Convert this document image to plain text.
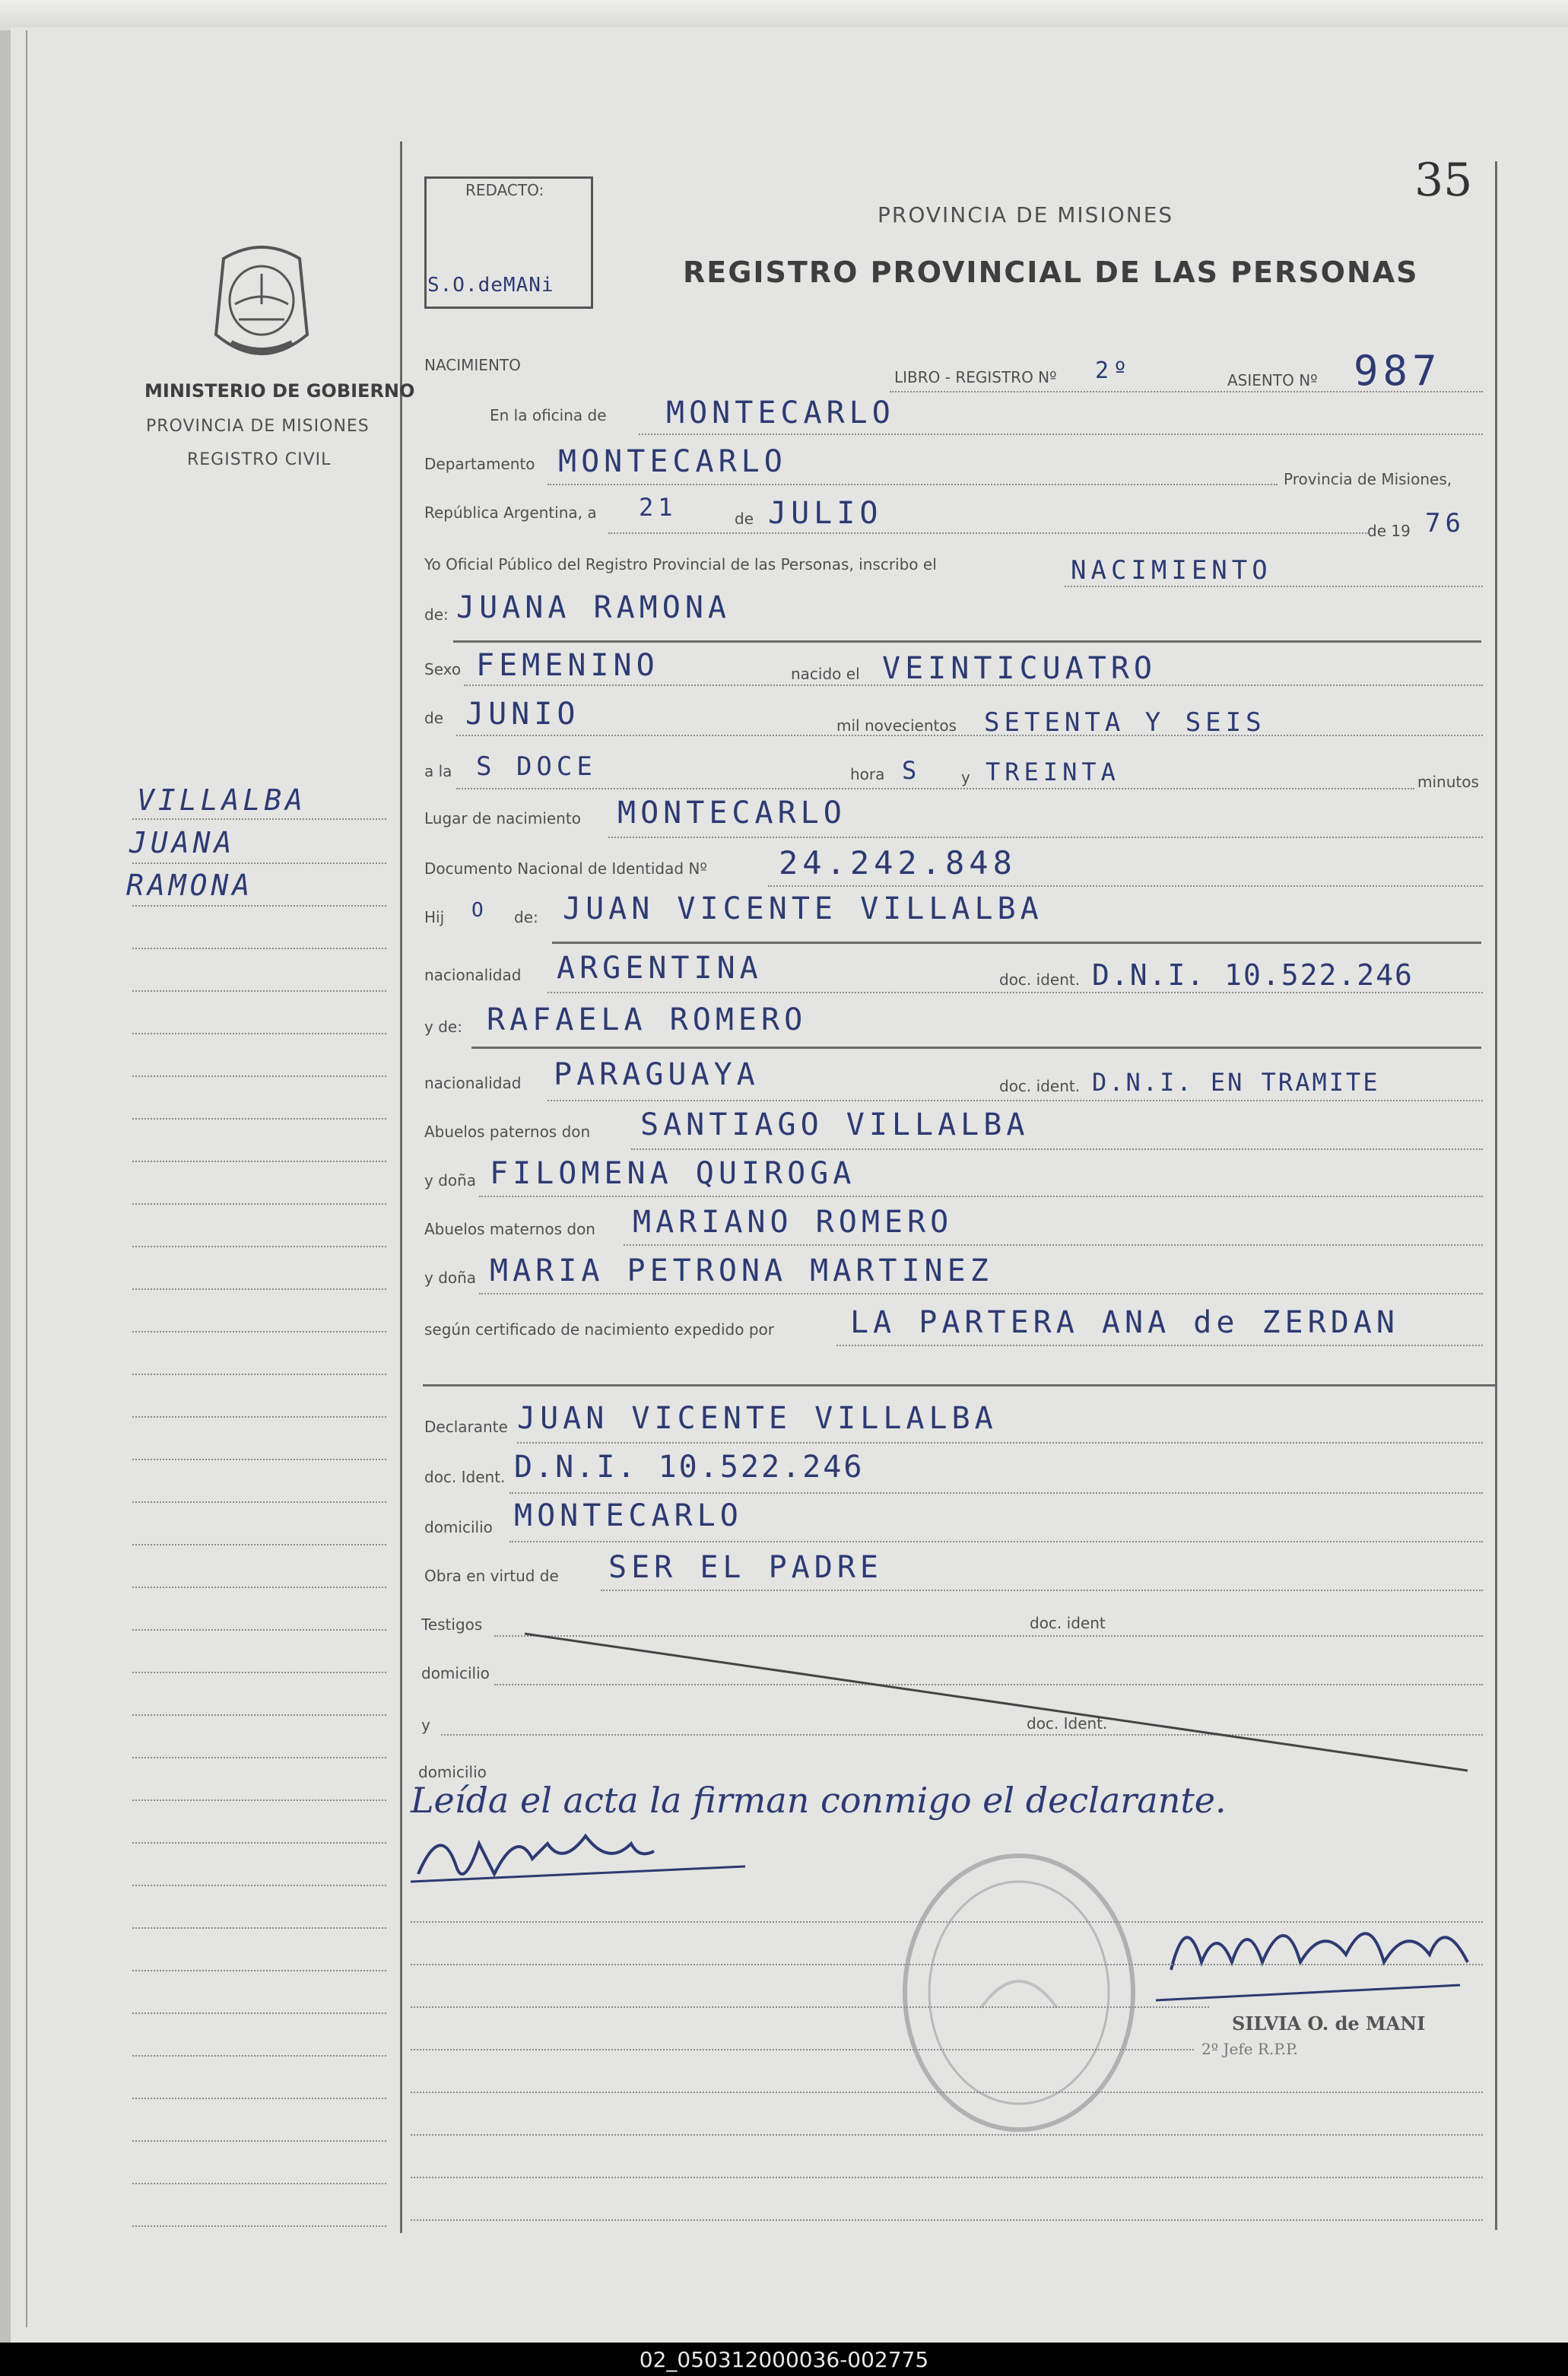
35
REDACTO:
S.O.deMANi
PROVINCIA DE MISIONES
REGISTRO PROVINCIAL DE LAS PERSONAS
MINISTERIO DE GOBIERNO
PROVINCIA DE MISIONES
REGISTRO CIVIL
VILLALBA
JUANA
RAMONA
NACIMIENTO
LIBRO - REGISTRO Nº 2º	ASIENTO Nº 987
En la oficina de MONTECARLO
Departamento MONTECARLO	Provincia de Misiones,
República Argentina, a 21	de JULIO	de 19 76
Yo Oficial Público del Registro Provincial de las Personas, inscribo el	NACIMIENTO
de: JUANA RAMONA
Sexo FEMENINO	nacido el VEINTICUATRO
de JUNIO	mil novecientos SETENTA Y SEIS
a la S DOCE	hora S	y TREINTA	minutos
Lugar de nacimiento MONTECARLO
Documento Nacional de Identidad Nº 24.242.848
Hij O de: JUAN VICENTE VILLALBA
nacionalidad ARGENTINA	doc. ident. D.N.I. 10.522.246
y de: RAFAELA ROMERO
nacionalidad PARAGUAYA	doc. ident. D.N.I. EN TRAMITE
Abuelos paternos don SANTIAGO VILLALBA
y doña FILOMENA QUIROGA
Abuelos maternos don MARIANO ROMERO
y doña MARIA PETRONA MARTINEZ
según certificado de nacimiento expedido por	LA PARTERA ANA de ZERDAN
Declarante JUAN VICENTE VILLALBA
doc. Ident. D.N.I. 10.522.246
domicilio MONTECARLO
Obra en virtud de SER EL PADRE
Testigos	doc. ident
domicilio
y	doc. Ident.
domicilio
Leída el acta la firman conmigo el declarante.
SILVIA O. de MANI
2º Jefe R.P.P.
02_050312000036-002775
